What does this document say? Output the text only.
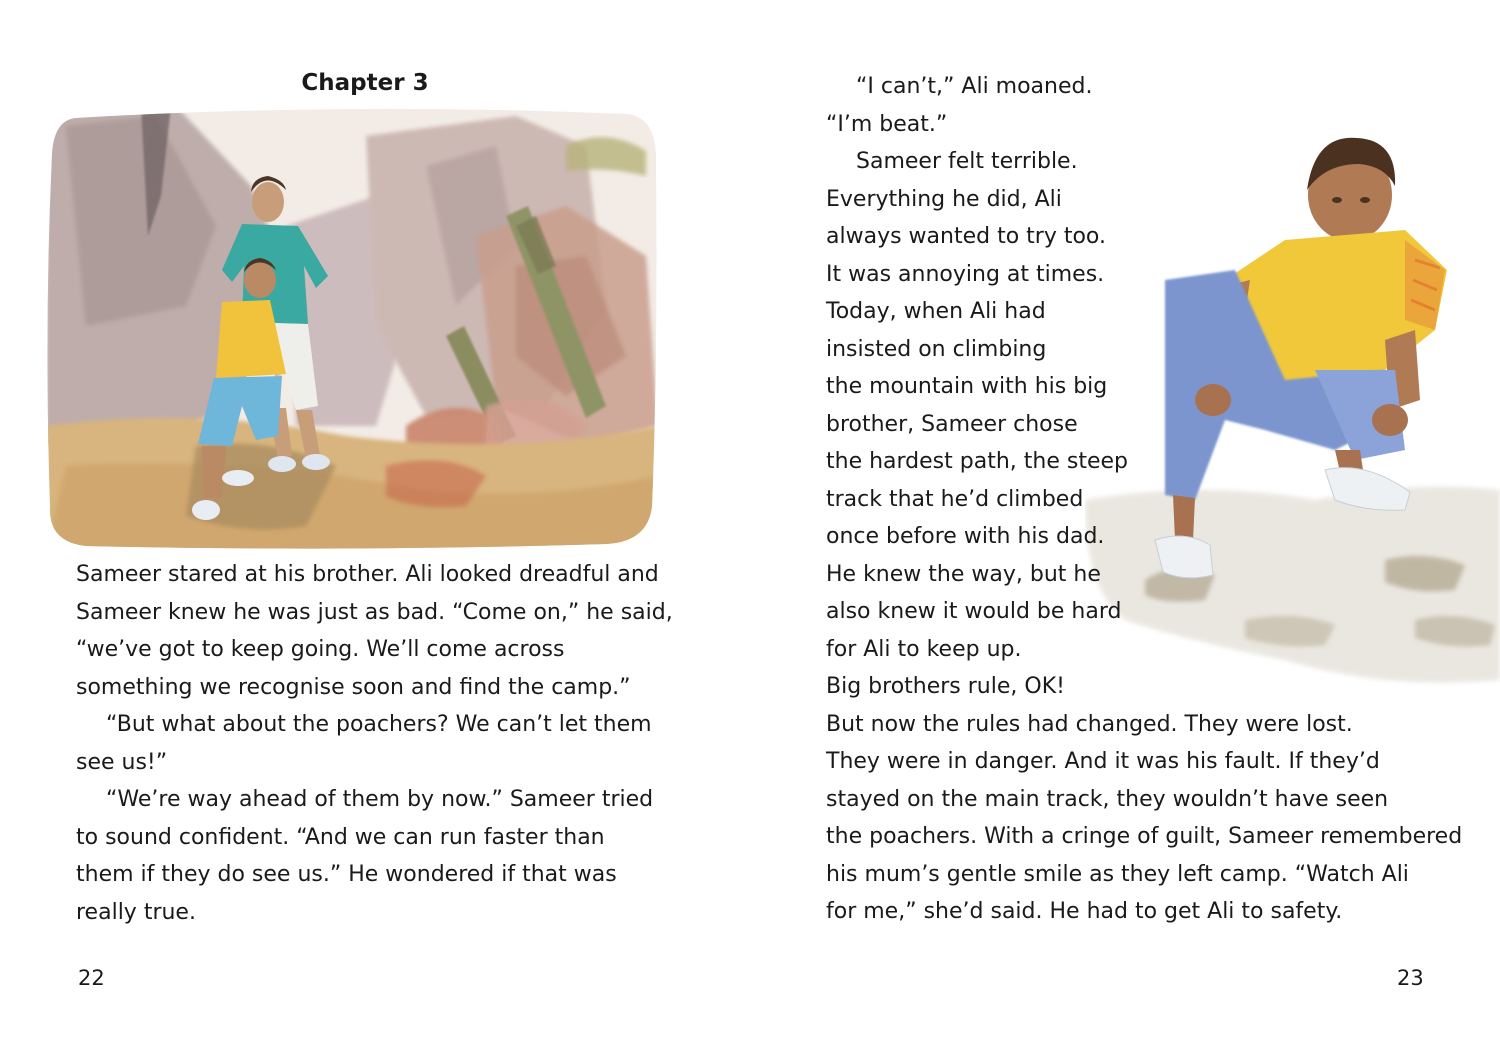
Chapter 3
Sameer stared at his brother. Ali looked dreadful and
Sameer knew he was just as bad. “Come on,” he said,
“we’ve got to keep going. We’ll come across
something we recognise soon and find the camp.”
“But what about the poachers? We can’t let them
see us!”
“We’re way ahead of them by now.” Sameer tried
to sound confident. “And we can run faster than
them if they do see us.” He wondered if that was
really true.
22
“I can’t,” Ali moaned.
“I’m beat.”
Sameer felt terrible.
Everything he did, Ali
always wanted to try too.
It was annoying at times.
Today, when Ali had
insisted on climbing
the mountain with his big
brother, Sameer chose
the hardest path, the steep
track that he’d climbed
once before with his dad.
He knew the way, but he
also knew it would be hard
for Ali to keep up.
Big brothers rule, OK!
But now the rules had changed. They were lost.
They were in danger. And it was his fault. If they’d
stayed on the main track, they wouldn’t have seen
the poachers. With a cringe of guilt, Sameer remembered
his mum’s gentle smile as they left camp. “Watch Ali
for me,” she’d said. He had to get Ali to safety.
23
